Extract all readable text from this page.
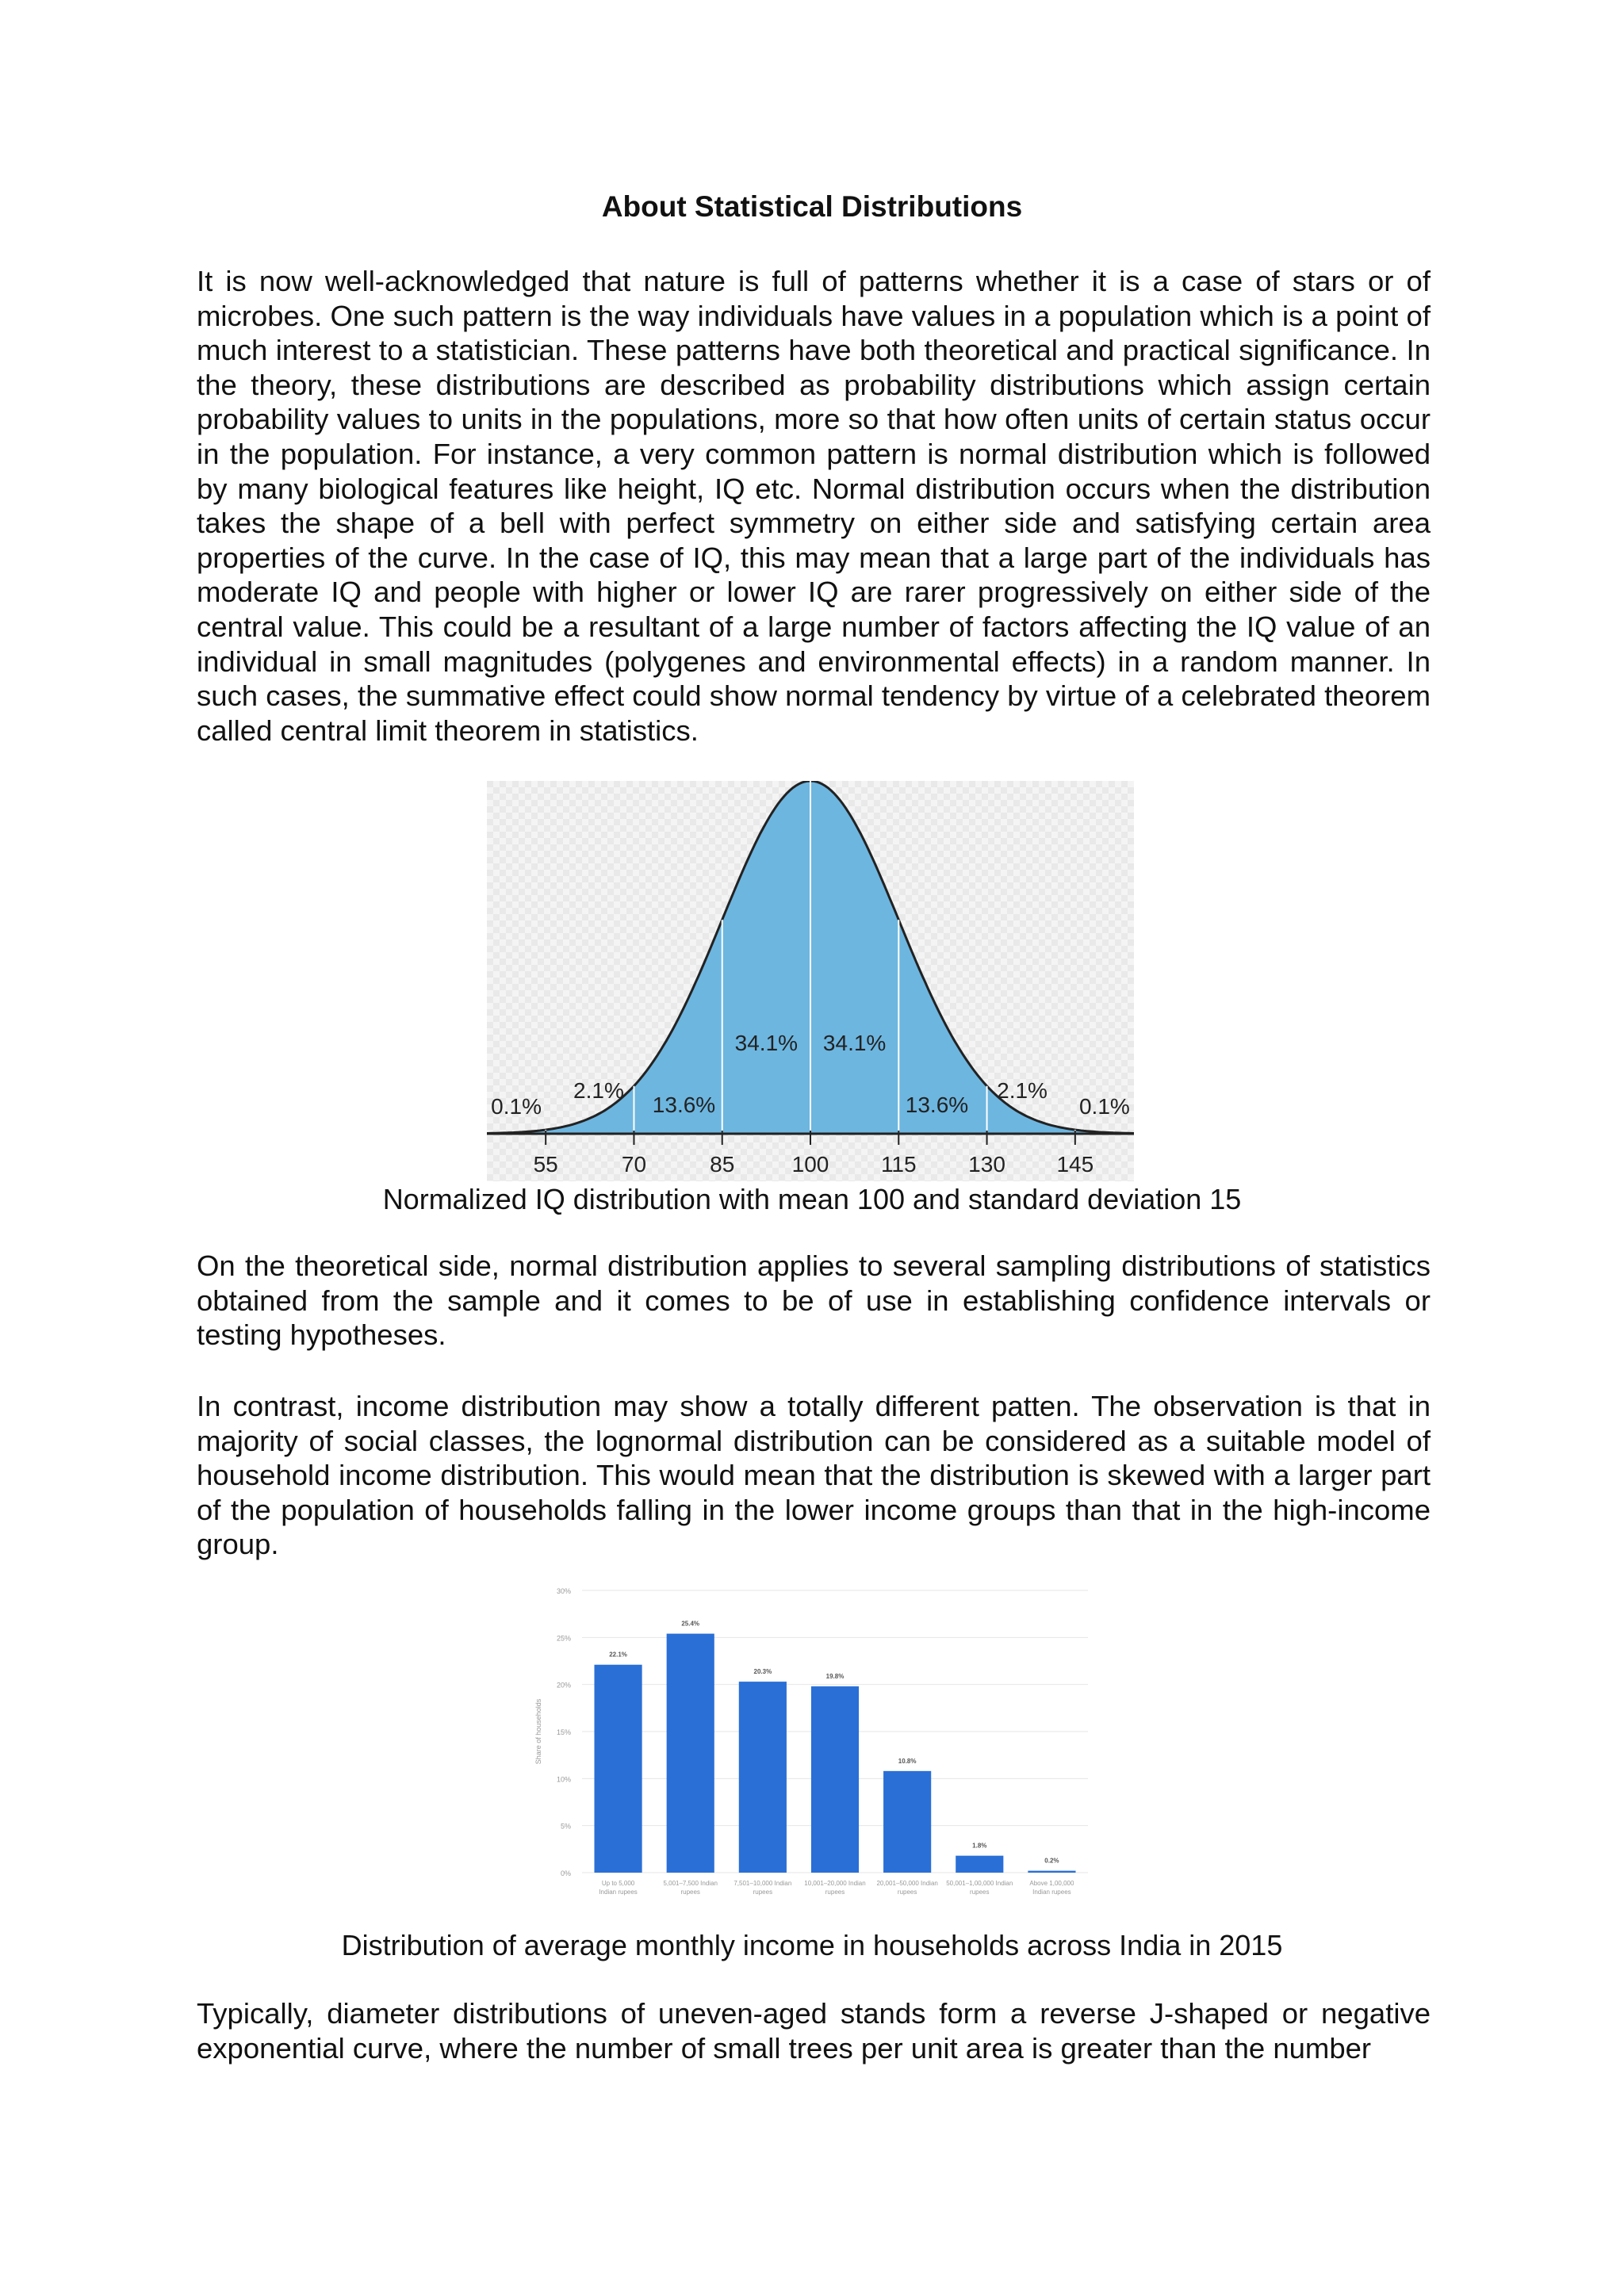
About Statistical Distributions

It is now well-acknowledged that nature is full of patterns whether it is a case of stars or of microbes. One such pattern is the way individuals have values in a population which is a point of much interest to a statistician. These patterns have both theoretical and practical significance. In the theory, these distributions are described as probability distributions which assign certain probability values to units in the populations, more so that how often units of certain status occur in the population. For instance, a very common pattern is normal distribution which is followed by many biological features like height, IQ etc. Normal distribution occurs when the distribution takes the shape of a bell with perfect symmetry on either side and satisfying certain area properties of the curve. In the case of IQ, this may mean that a large part of the individuals has moderate IQ and people with higher or lower IQ are rarer progressively on either side of the central value. This could be a resultant of a large number of factors affecting the IQ value of an individual in small magnitudes (polygenes and environmental effects) in a random manner. In such cases, the summative effect could show normal tendency by virtue of a celebrated theorem called central limit theorem in statistics.

55	70	85	100 115 130 145
0.1%
2.1%
13.6%
34.1% 34.1%
13.6%
2.1%
0.1%
Normalized IQ distribution with mean 100 and standard deviation 15

On the theoretical side, normal distribution applies to several sampling distributions of statistics obtained from the sample and it comes to be of use in establishing confidence intervals or testing hypotheses.

In contrast, income distribution may show a totally different patten. The observation is that in majority of social classes, the lognormal distribution can be considered as a suitable model of household income distribution. This would mean that the distribution is skewed with a larger part of the population of households falling in the lower income groups than that in the high-income group.

0%
5%
10%
15%
20%
25%
30%
Share of households
22.1%
Up to 5,000 Indian rupees
25.4%
5,001–7,500 Indian rupees
20.3%
7,501–10,000 Indian rupees
19.8%
10,001–20,000 Indian rupees
10.8%
20,001–50,000 Indian rupees
1.8%
50,001–1,00,000 Indian rupees
0.2%
Above 1,00,000 Indian rupees
Distribution of average monthly income in households across India in 2015

Typically, diameter distributions of uneven-aged stands form a reverse J-shaped or negative exponential curve, where the number of small trees per unit area is greater than the number
